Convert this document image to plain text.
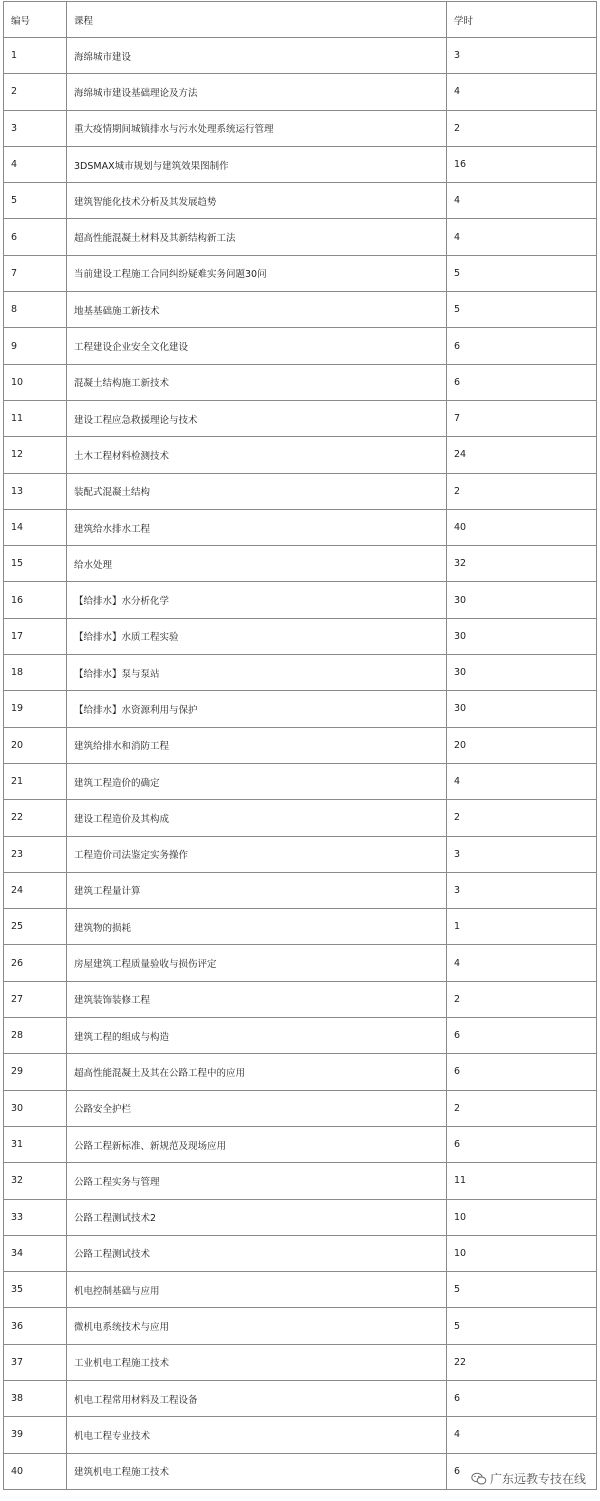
编号	课程	学时
1	海绵城市建设	3
2	海绵城市建设基础理论及方法	4
3	重大疫情期间城镇排水与污水处理系统运行管理	2
4	3DSMAX城市规划与建筑效果图制作	16
5	建筑智能化技术分析及其发展趋势	4
6	超高性能混凝土材料及其新结构新工法	4
7	当前建设工程施工合同纠纷疑难实务问题30问	5
8	地基基础施工新技术	5
9	工程建设企业安全文化建设	6
10	混凝土结构施工新技术	6
11	建设工程应急救援理论与技术	7
12	土木工程材料检测技术	24
13	装配式混凝土结构	2
14	建筑给水排水工程	40
15	给水处理	32
16	【给排水】水分析化学	30
17	【给排水】水质工程实验	30
18	【给排水】泵与泵站	30
19	【给排水】水资源利用与保护	30
20	建筑给排水和消防工程	20
21	建筑工程造价的确定	4
22	建设工程造价及其构成	2
23	工程造价司法鉴定实务操作	3
24	建筑工程量计算	3
25	建筑物的损耗	1
26	房屋建筑工程质量验收与损伤评定	4
27	建筑装饰装修工程	2
28	建筑工程的组成与构造	6
29	超高性能混凝土及其在公路工程中的应用	6
30	公路安全护栏	2
31	公路工程新标准、新规范及现场应用	6
32	公路工程实务与管理	11
33	公路工程测试技术2	10
34	公路工程测试技术	10
35	机电控制基础与应用	5
36	微机电系统技术与应用	5
37	工业机电工程施工技术	22
38	机电工程常用材料及工程设备	6
39	机电工程专业技术	4
40	建筑机电工程施工技术	6
广东远教专技在线
